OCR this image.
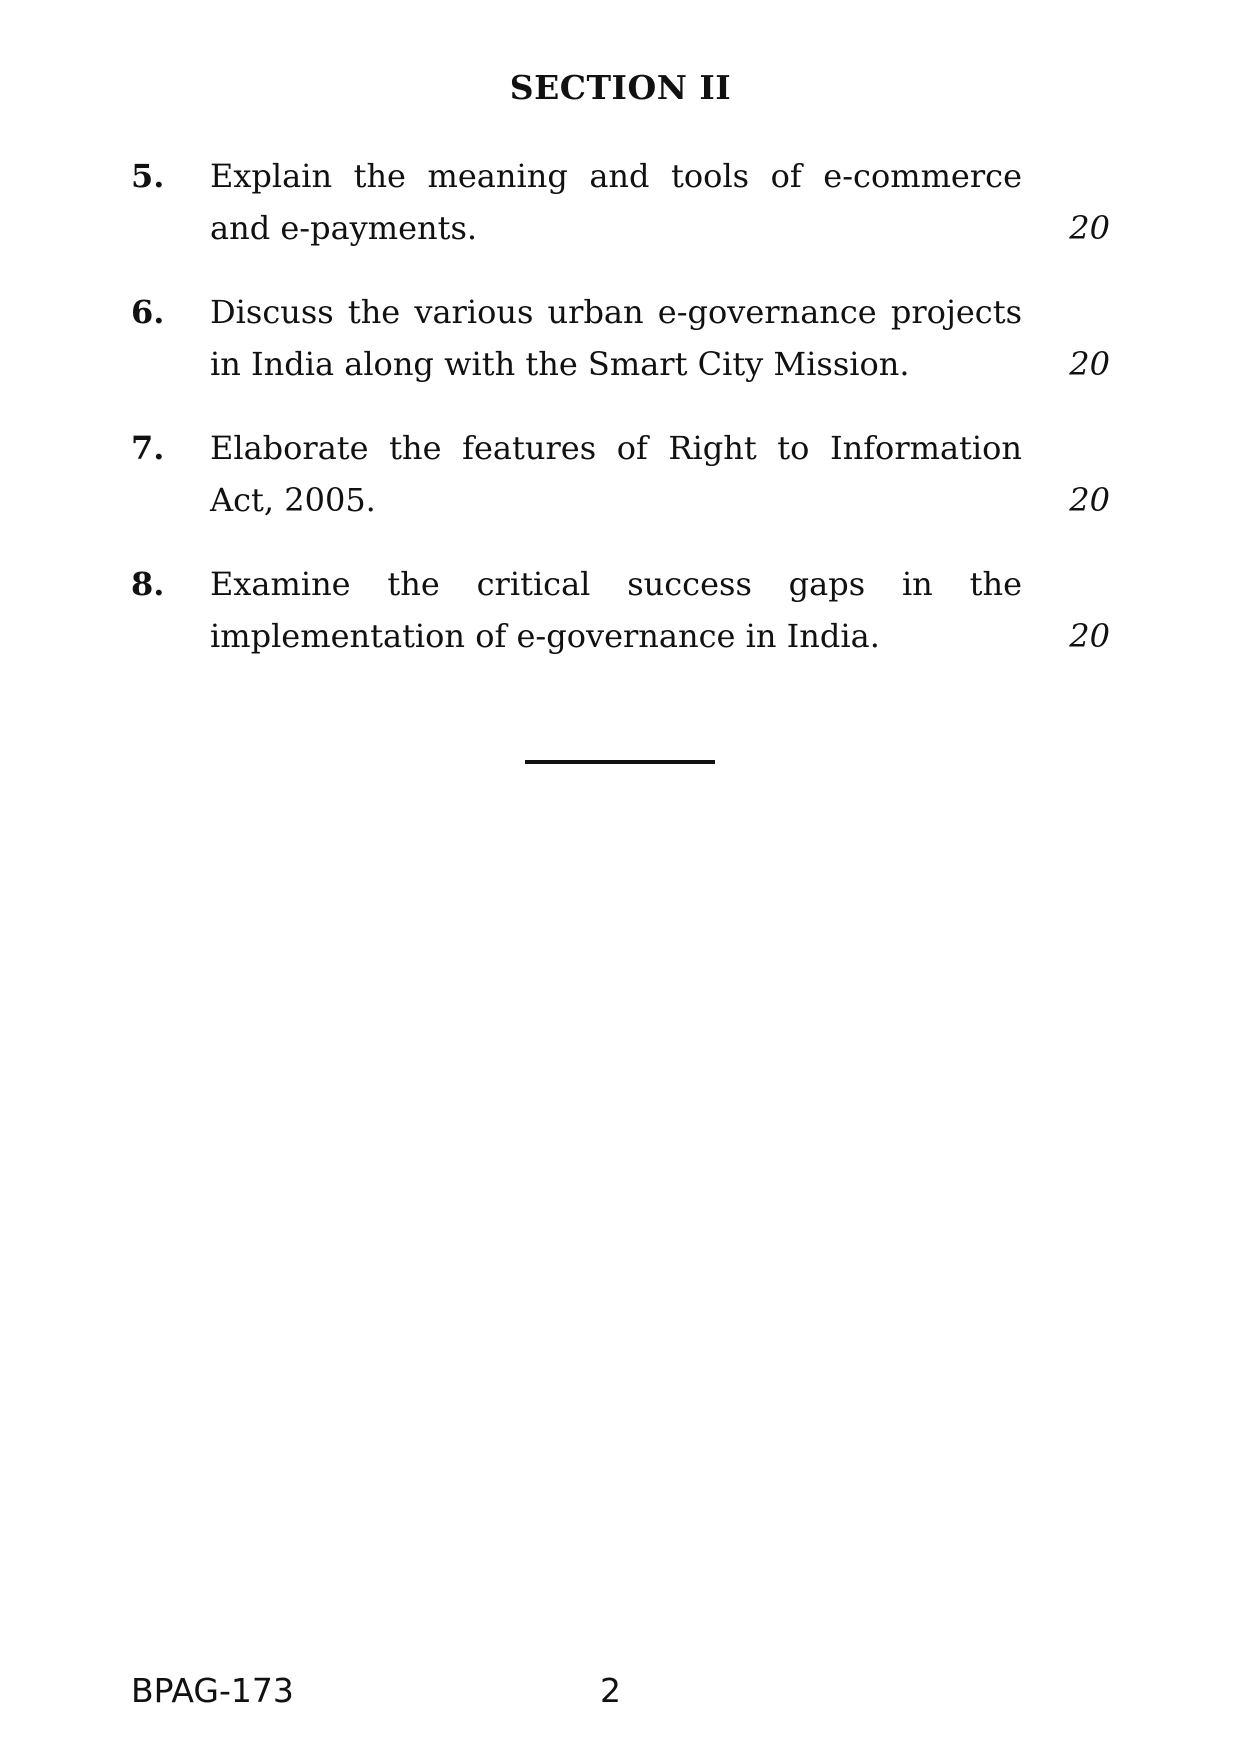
SECTION II
5. Explain the meaning and tools of e-commerce and e-payments.	20
6. Discuss the various urban e-governance projects in India along with the Smart City Mission.	20
7. Elaborate the features of Right to Information Act, 2005.	20
8. Examine the critical success gaps in the implementation of e-governance in India.	20
BPAG-173	2
